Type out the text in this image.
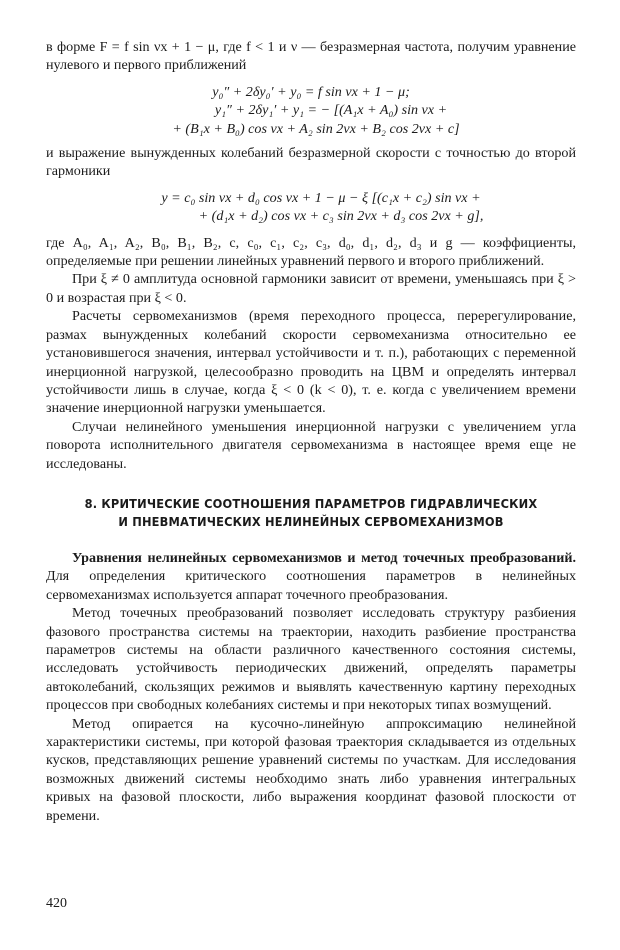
в форме F = f sin νx + 1 − μ, где f < 1 и ν — безразмерная частота, получим уравнение нулевого и первого приближений

y₀″ + 2δy₀′ + y₀ = f sin νx + 1 − μ;

y₁″ + 2δy₁′ + y₁ = − [(A₁x + A₀) sin νx +

+ (B₁x + B₀) cos νx + A₂ sin 2νx + B₂ cos 2νx + c]

и выражение вынужденных колебаний безразмерной скорости с точностью до второй гармоники

y = c₀ sin νx + d₀ cos νx + 1 − μ − ξ [(c₁x + c₂) sin νx +

+ (d₁x + d₂) cos νx + c₃ sin 2νx + d₃ cos 2νx + g],

где A₀, A₁, A₂, B₀, B₁, B₂, c, c₀, c₁, c₂, c₃, d₀, d₁, d₂, d₃ и g — коэффициенты, определяемые при решении линейных уравнений первого и второго приближений.

При ξ ≠ 0 амплитуда основной гармоники зависит от времени, уменьшаясь при ξ > 0 и возрастая при ξ < 0.

Расчеты сервомеханизмов (время переходного процесса, перерегулирование, размах вынужденных колебаний скорости сервомеханизма относительно ее установившегося значения, интервал устойчивости и т. п.), работающих с переменной инерционной нагрузкой, целесообразно проводить на ЦВМ и определять интервал устойчивости лишь в случае, когда ξ < 0 (k < 0), т. е. когда с увеличением времени значение инерционной нагрузки уменьшается.

Случаи нелинейного уменьшения инерционной нагрузки с увеличением угла поворота исполнительного двигателя сервомеханизма в настоящее время еще не исследованы.

8. КРИТИЧЕСКИЕ СООТНОШЕНИЯ ПАРАМЕТРОВ ГИДРАВЛИЧЕСКИХ
И ПНЕВМАТИЧЕСКИХ НЕЛИНЕЙНЫХ СЕРВОМЕХАНИЗМОВ

Уравнения нелинейных сервомеханизмов и метод точечных преобразований. Для определения критического соотношения параметров в нелинейных сервомеханизмах используется аппарат точечного преобразования.

Метод точечных преобразований позволяет исследовать структуру разбиения фазового пространства системы на траектории, находить разбиение пространства параметров системы на области различного качественного состояния системы, исследовать устойчивость периодических движений, определять параметры автоколебаний, скользящих режимов и выявлять качественную картину переходных процессов при свободных колебаниях системы и при некоторых типах возмущений.

Метод опирается на кусочно-линейную аппроксимацию нелинейной характеристики системы, при которой фазовая траектория складывается из отдельных кусков, представляющих решение уравнений системы по участкам. Для исследования возможных движений системы необходимо знать либо уравнения интегральных кривых на фазовой плоскости, либо выражения координат фазовой плоскости от времени.

420
